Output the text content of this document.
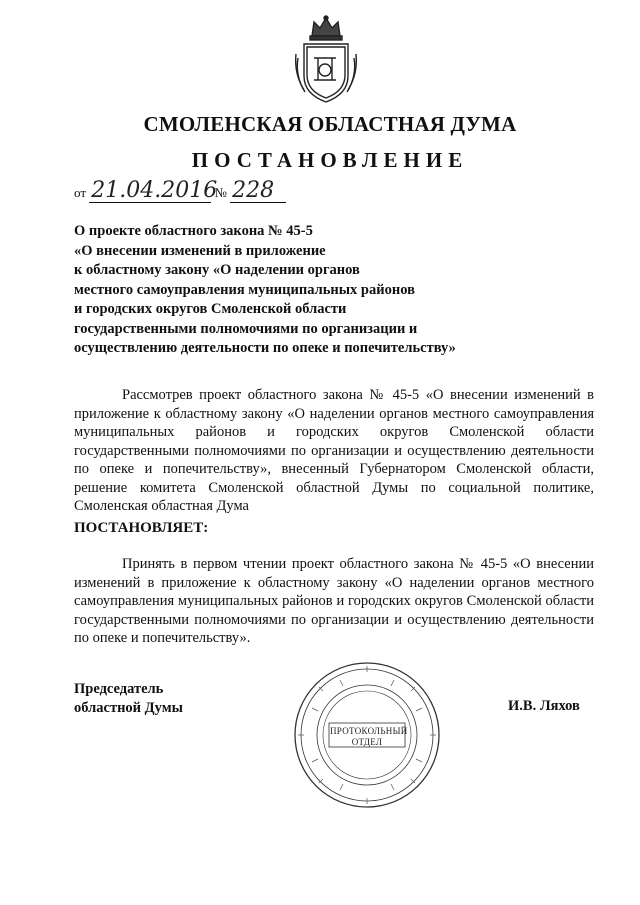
СМОЛЕНСКАЯ ОБЛАСТНАЯ ДУМА
ПОСТАНОВЛЕНИЕ
от 21.04.2016 № 228
О проекте областного закона № 45-5
«О внесении изменений в приложение
к областному закону «О наделении органов
местного самоуправления муниципальных районов
и городских округов Смоленской области
государственными полномочиями по организации и
осуществлению деятельности по опеке и попечительству»
Рассмотрев проект областного закона № 45-5 «О внесении изменений в приложение к областному закону «О наделении органов местного самоуправления муниципальных районов и городских округов Смоленской области государственными полномочиями по организации и осуществлению деятельности по опеке и попечительству», внесенный Губернатором Смоленской области, решение комитета Смоленской областной Думы по социальной политике, Смоленская областная Дума
ПОСТАНОВЛЯЕТ:
Принять в первом чтении проект областного закона № 45-5 «О внесении изменений в приложение к областному закону «О наделении органов местного самоуправления муниципальных районов и городских округов Смоленской области государственными полномочиями по организации и осуществлению деятельности по опеке и попечительству».
Председатель
областной Думы
ПРОТОКОЛЬНЫЙ
ОТДЕЛ
И.В. Ляхов
